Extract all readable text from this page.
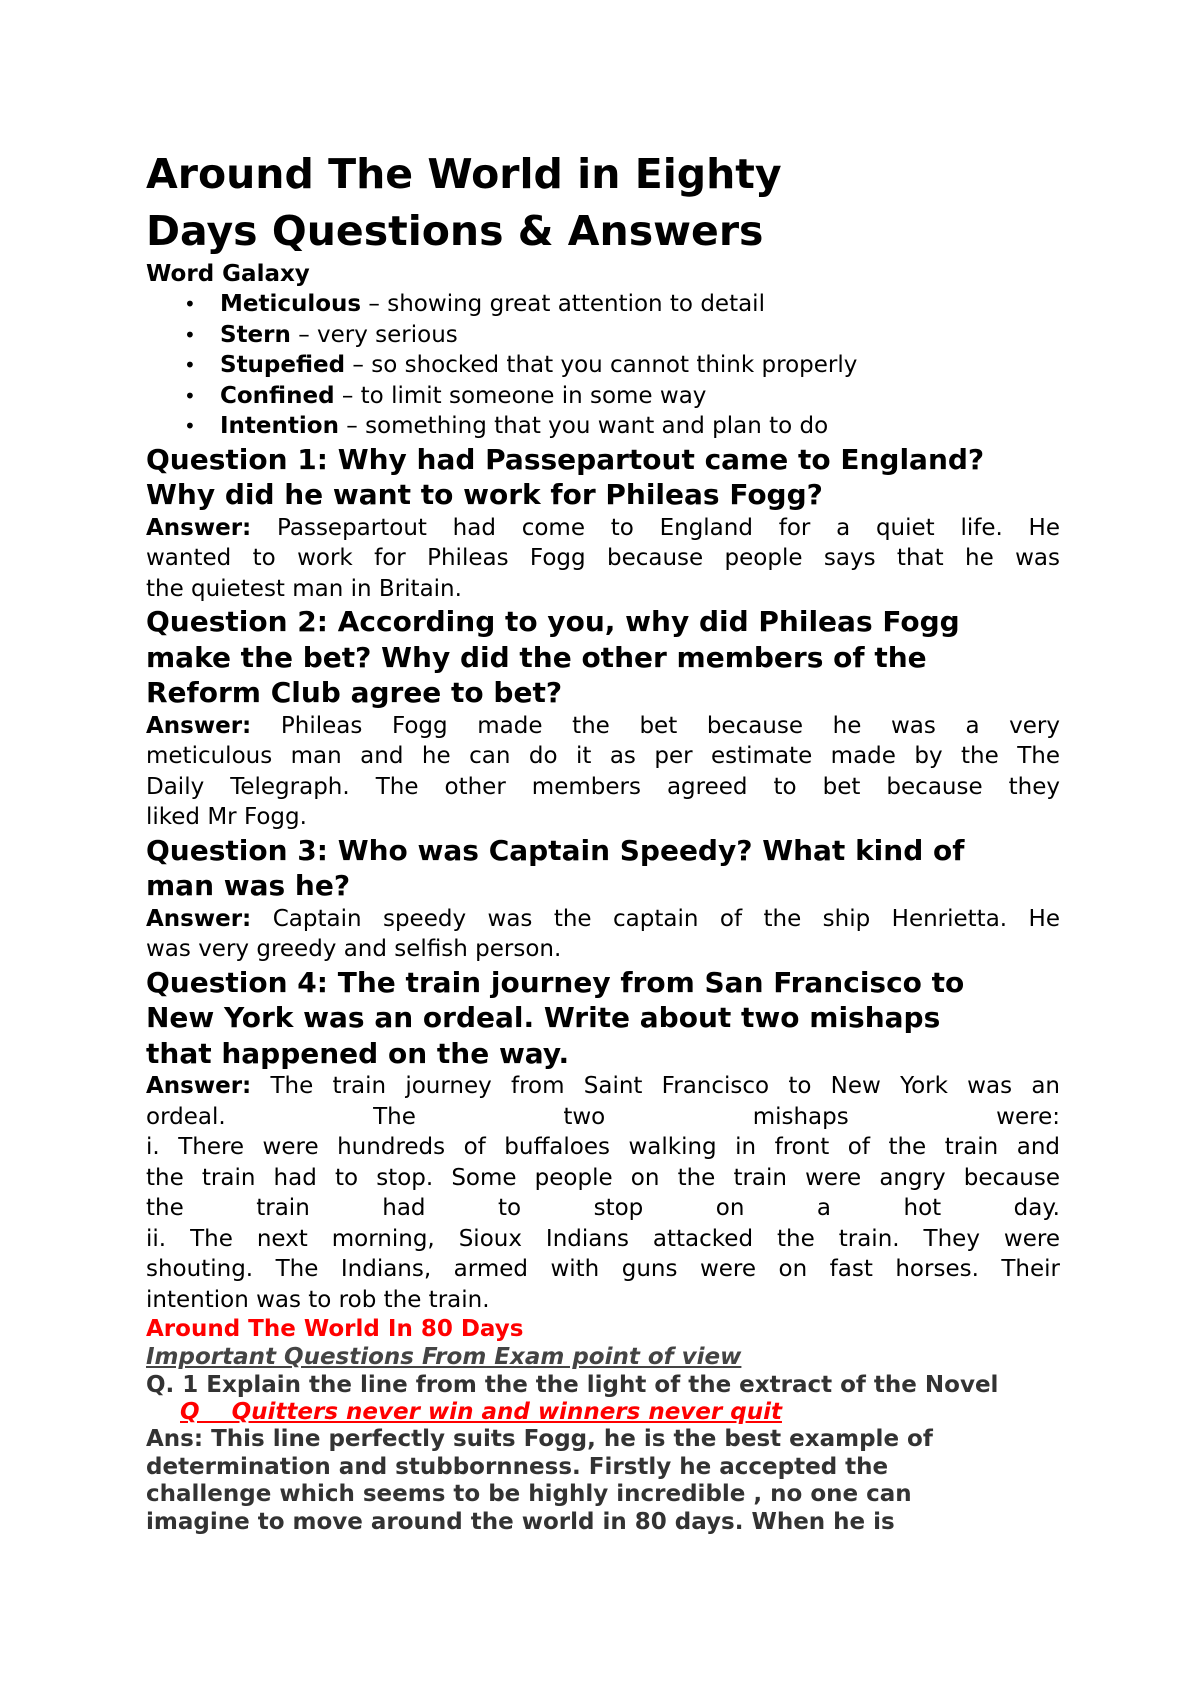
Around The World in Eighty
Days Questions & Answers

Word Galaxy

• Meticulous – showing great attention to detail
• Stern – very serious
• Stupefied – so shocked that you cannot think properly
• Confined – to limit someone in some way
• Intention – something that you want and plan to do

Question 1: Why had Passepartout came to England?
Why did he want to work for Phileas Fogg?

Answer: Passepartout had come to England for a quiet life. He
wanted to work for Phileas Fogg because people says that he was
the quietest man in Britain.

Question 2: According to you, why did Phileas Fogg
make the bet? Why did the other members of the
Reform Club agree to bet?

Answer: Phileas Fogg made the bet because he was a very
meticulous man and he can do it as per estimate made by the The
Daily Telegraph. The other members agreed to bet because they
liked Mr Fogg.

Question 3: Who was Captain Speedy? What kind of
man was he?

Answer: Captain speedy was the captain of the ship Henrietta. He
was very greedy and selfish person.

Question 4: The train journey from San Francisco to
New York was an ordeal. Write about two mishaps
that happened on the way.

Answer: The train journey from Saint Francisco to New York was an
ordeal. The two mishaps were:
i. There were hundreds of buffaloes walking in front of the train and
the train had to stop. Some people on the train were angry because
the train had to stop on a hot day.
ii. The next morning, Sioux Indians attacked the train. They were
shouting. The Indians, armed with guns were on fast horses. Their
intention was to rob the train.

Around The World In 80 Days

Important Questions From Exam point of view

Q. 1 Explain the line from the the light of the extract of the Novel

Q    Quitters never win and winners never quit

Ans: This line perfectly suits Fogg, he is the best example of
determination and stubbornness. Firstly he accepted the
challenge which seems to be highly incredible , no one can
imagine to move around the world in 80 days. When he is
